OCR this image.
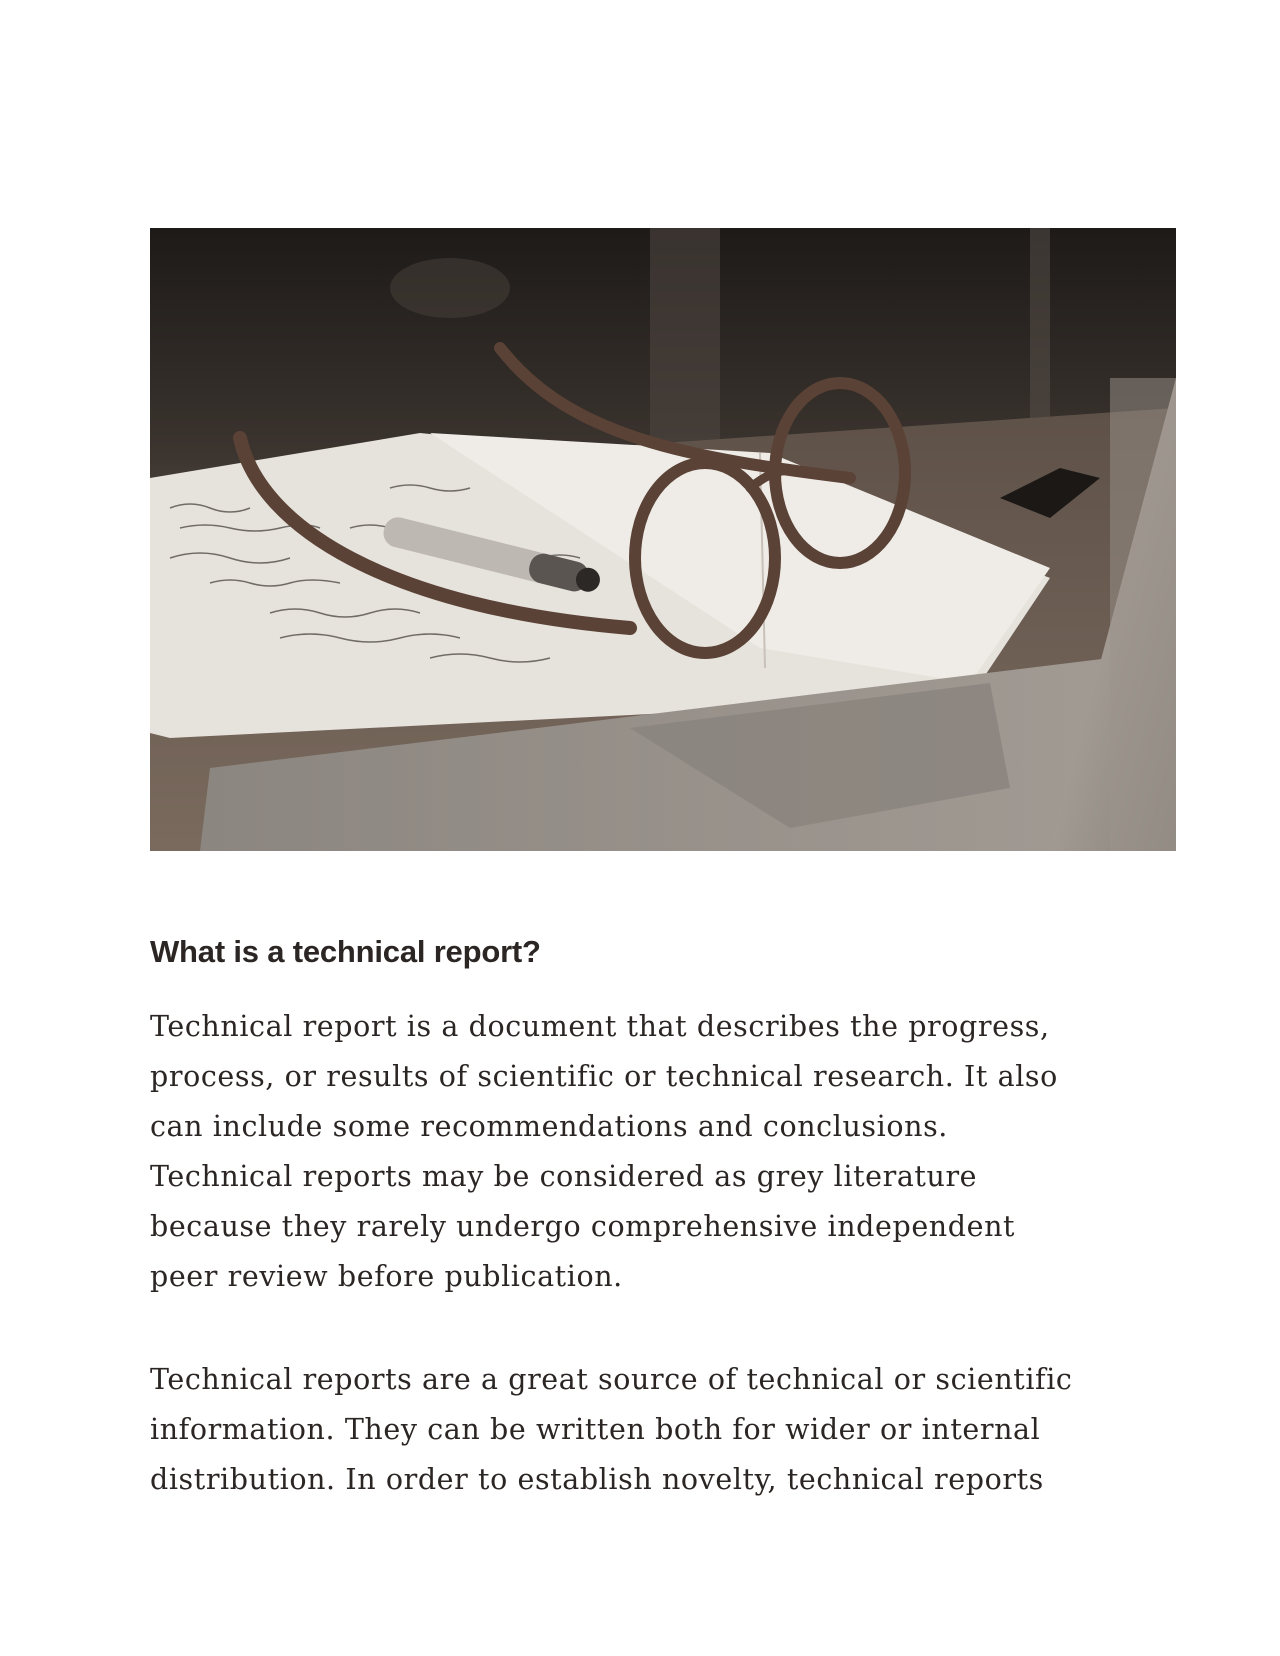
What is a technical report?

Technical report is a document that describes the progress,
process, or results of scientific or technical research. It also
can include some recommendations and conclusions.
Technical reports may be considered as grey literature
because they rarely undergo comprehensive independent
peer review before publication.

Technical reports are a great source of technical or scientific
information. They can be written both for wider or internal
distribution. In order to establish novelty, technical reports
